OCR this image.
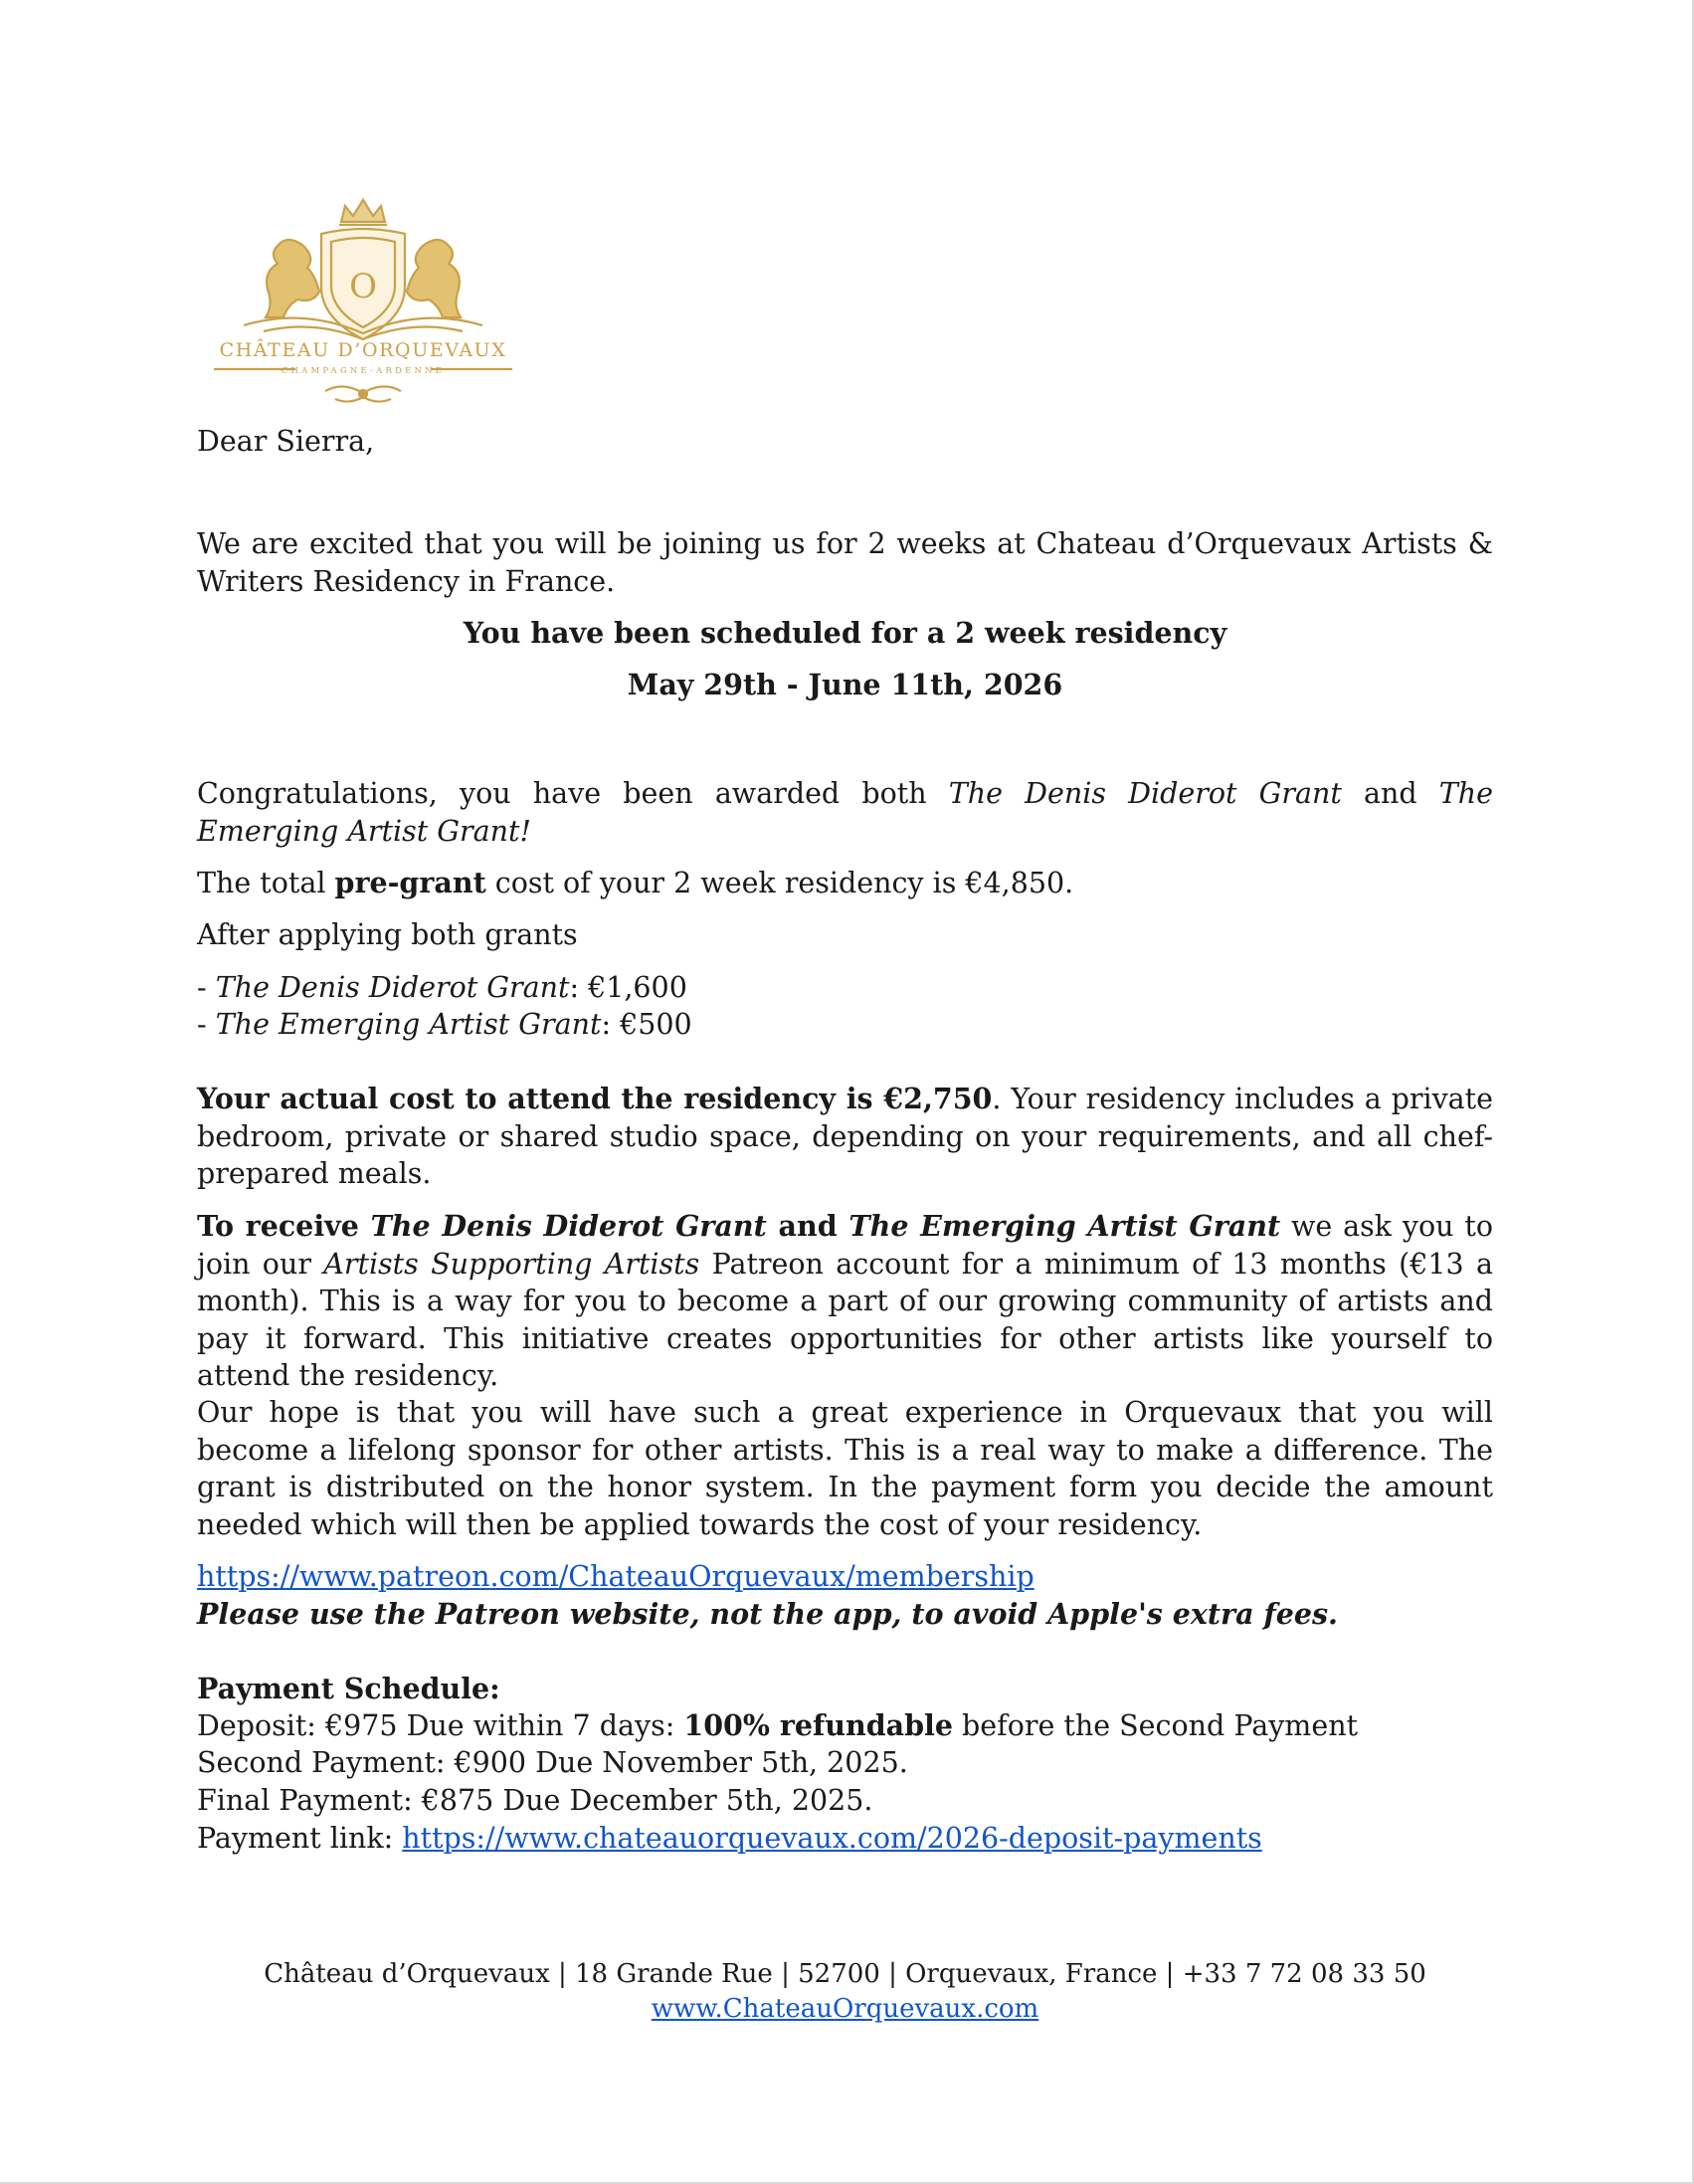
O
CHÂTEAU D’ORQUEVAUX
CHAMPAGNE-ARDENNE

Dear Sierra,

We are excited that you will be joining us for 2 weeks at Chateau d’Orquevaux Artists & Writers Residency in France.

You have been scheduled for a 2 week residency

May 29th - June 11th, 2026

Congratulations, you have been awarded both The Denis Diderot Grant and The Emerging Artist Grant!

The total pre-grant cost of your 2 week residency is €4,850.

After applying both grants

- The Denis Diderot Grant: €1,600

- The Emerging Artist Grant: €500

Your actual cost to attend the residency is €2,750. Your residency includes a private bedroom, private or shared studio space, depending on your requirements, and all chef-prepared meals.

To receive The Denis Diderot Grant and The Emerging Artist Grant we ask you to join our Artists Supporting Artists Patreon account for a minimum of 13 months (€13 a month). This is a way for you to become a part of our growing community of artists and pay it forward. This initiative creates opportunities for other artists like yourself to attend the residency.

Our hope is that you will have such a great experience in Orquevaux that you will become a lifelong sponsor for other artists. This is a real way to make a difference. The grant is distributed on the honor system. In the payment form you decide the amount needed which will then be applied towards the cost of your residency.

https://www.patreon.com/ChateauOrquevaux/membership

Please use the Patreon website, not the app, to avoid Apple's extra fees.

Payment Schedule:

Deposit: €975 Due within 7 days: 100% refundable before the Second Payment

Second Payment: €900 Due November 5th, 2025.

Final Payment: €875 Due December 5th, 2025.

Payment link: https://www.chateauorquevaux.com/2026-deposit-payments

Château d’Orquevaux | 18 Grande Rue | 52700 | Orquevaux, France | +33 7 72 08 33 50
www.ChateauOrquevaux.com
